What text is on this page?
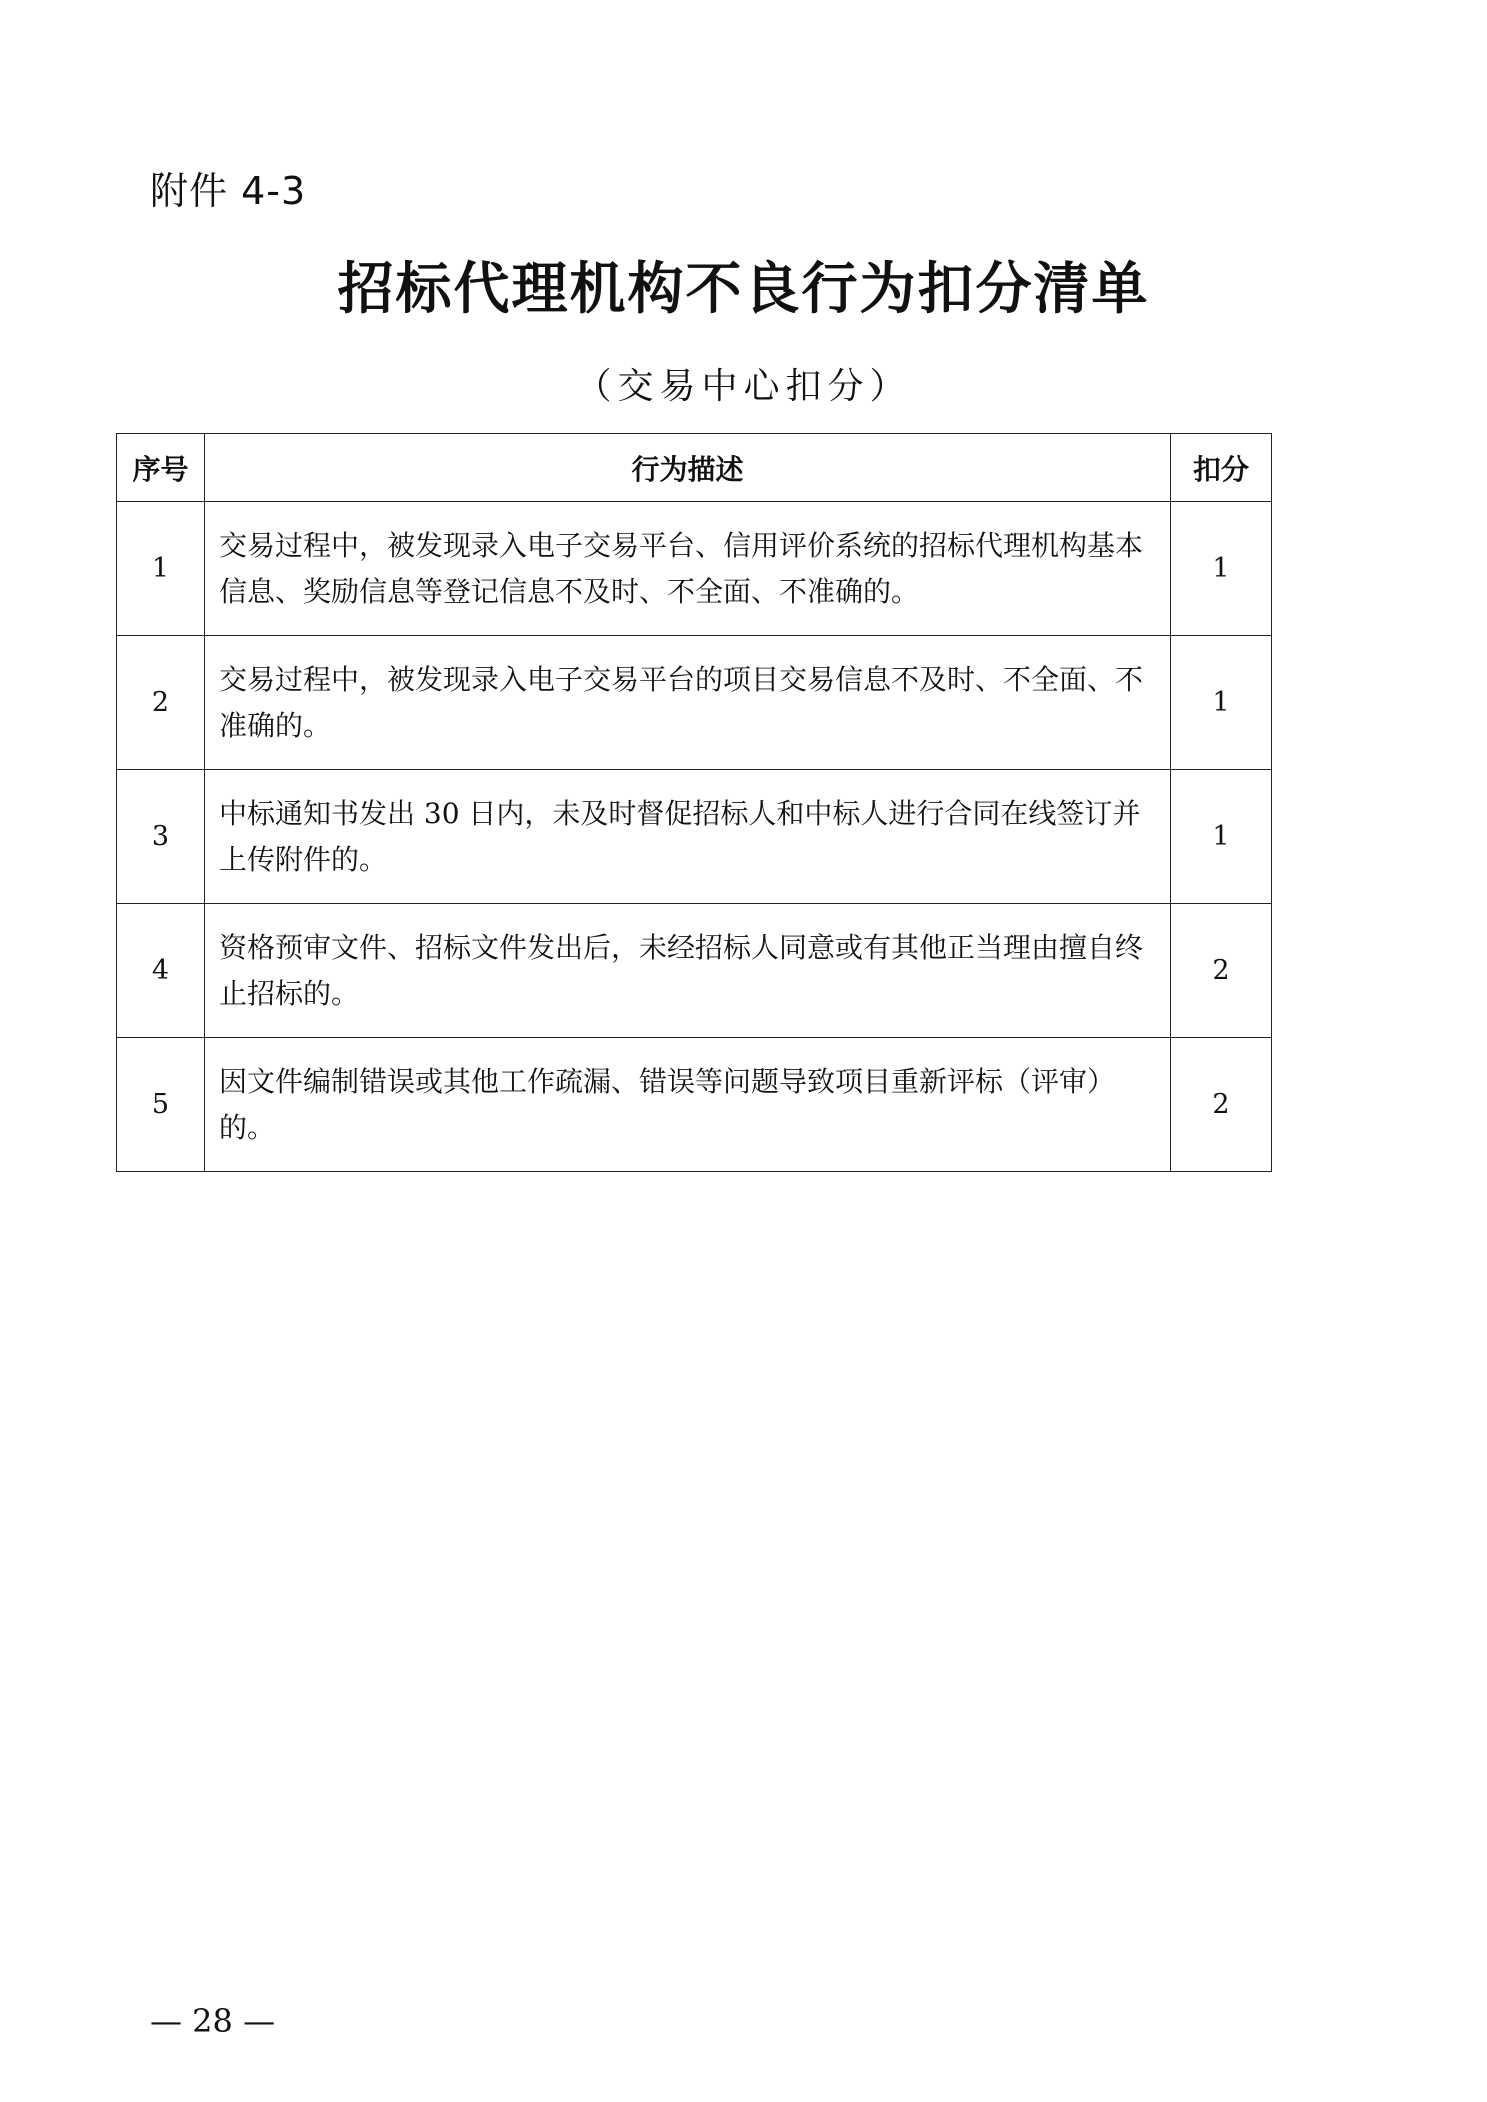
附件 4-3
招标代理机构不良行为扣分清单
（交易中心扣分）
序号	行为描述	扣分
1	交易过程中，被发现录入电子交易平台、信用评价系统的招标代理机构基本信息、奖励信息等登记信息不及时、不全面、不准确的。	1
2	交易过程中，被发现录入电子交易平台的项目交易信息不及时、不全面、不准确的。	1
3	中标通知书发出 30 日内，未及时督促招标人和中标人进行合同在线签订并上传附件的。	1
4	资格预审文件、招标文件发出后，未经招标人同意或有其他正当理由擅自终止招标的。	2
5	因文件编制错误或其他工作疏漏、错误等问题导致项目重新评标（评审）的。	2
— 28 —
